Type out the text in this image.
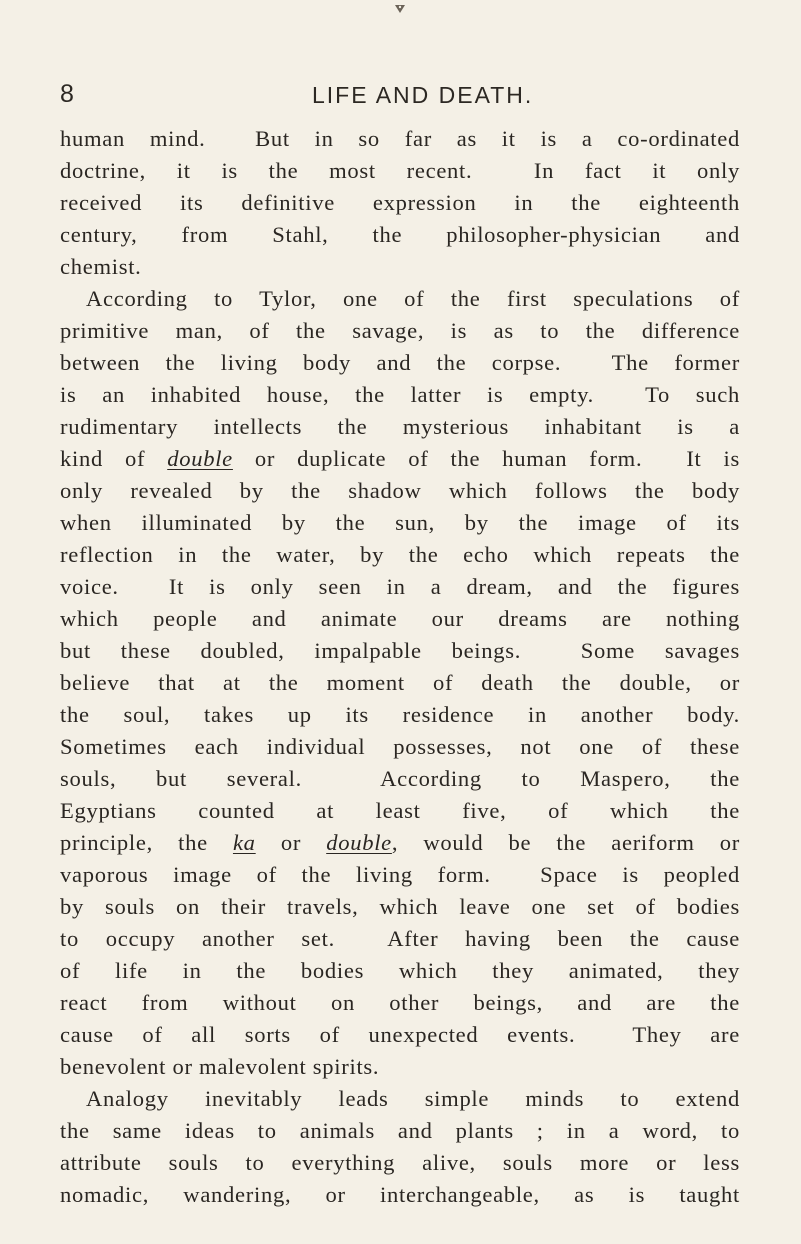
8	LIFE AND DEATH.
human mind.  But in so far as it is a co-ordinated
doctrine, it is the most recent.  In fact it only
received its definitive expression in the eighteenth
century, from Stahl, the philosopher-physician and
chemist.
According to Tylor, one of the first speculations of
primitive man, of the savage, is as to the difference
between the living body and the corpse.  The former
is an inhabited house, the latter is empty.  To such
rudimentary intellects the mysterious inhabitant is a
kind of double or duplicate of the human form.  It is
only revealed by the shadow which follows the body
when illuminated by the sun, by the image of its
reflection in the water, by the echo which repeats the
voice.  It is only seen in a dream, and the figures
which people and animate our dreams are nothing
but these doubled, impalpable beings.  Some savages
believe that at the moment of death the double, or
the soul, takes up its residence in another body.
Sometimes each individual possesses, not one of these
souls, but several.  According to Maspero, the
Egyptians counted at least five, of which the
principle, the ka or double, would be the aeriform or
vaporous image of the living form.  Space is peopled
by souls on their travels, which leave one set of bodies
to occupy another set.  After having been the cause
of life in the bodies which they animated, they
react from without on other beings, and are the
cause of all sorts of unexpected events.  They are
benevolent or malevolent spirits.
Analogy inevitably leads simple minds to extend
the same ideas to animals and plants ; in a word, to
attribute souls to everything alive, souls more or less
nomadic, wandering, or interchangeable, as is taught
